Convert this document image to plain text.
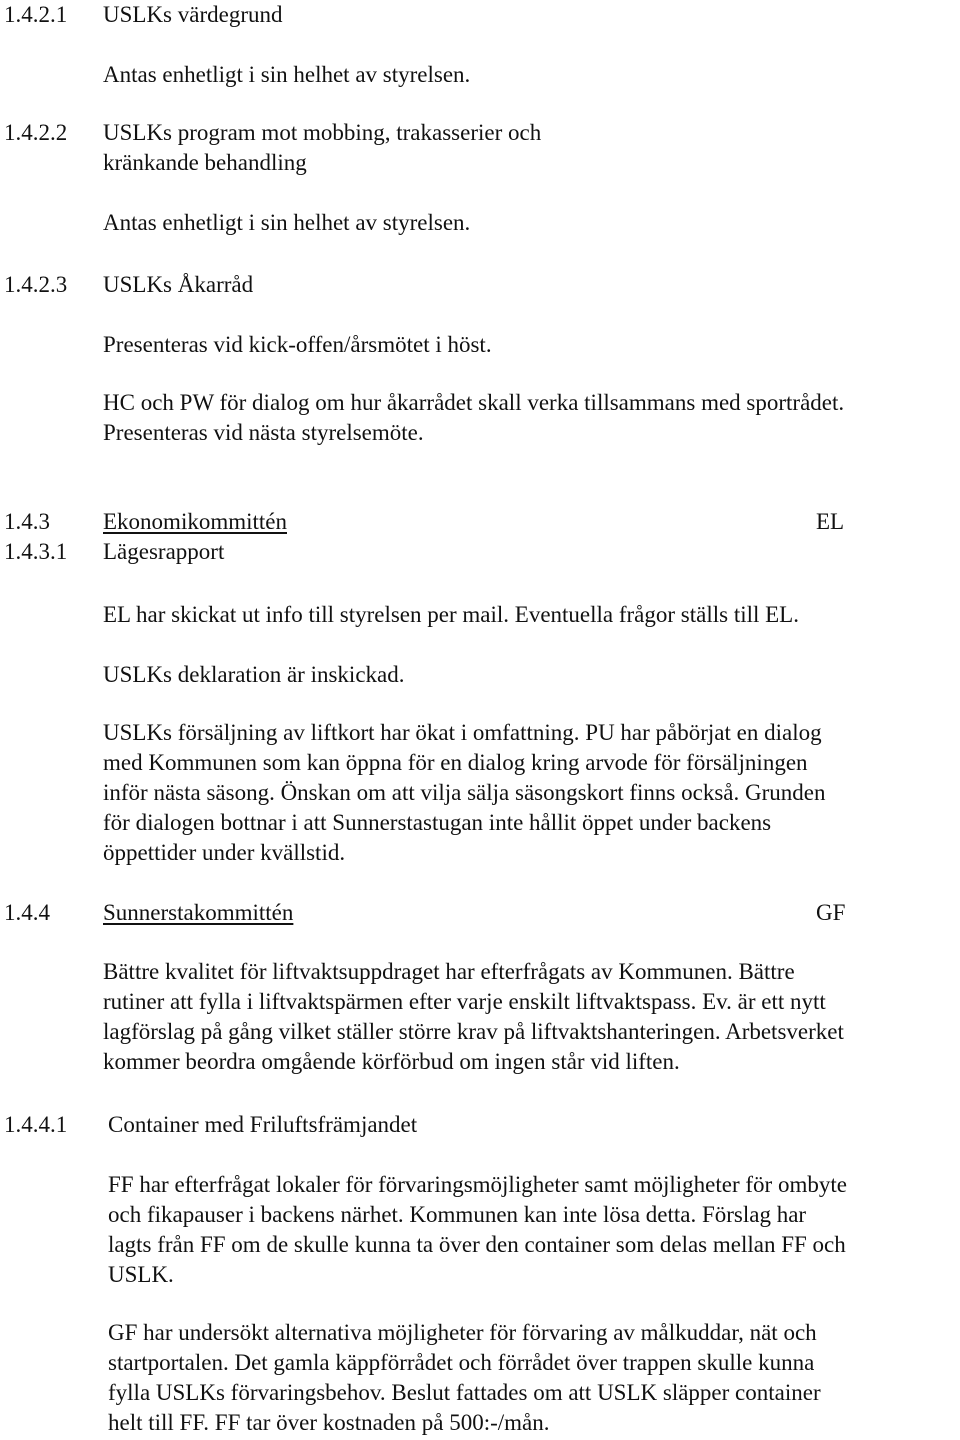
1.4.2.1 USLKs värdegrund
Antas enhetligt i sin helhet av styrelsen.
1.4.2.2 USLKs program mot mobbing, trakasserier och
kränkande behandling
Antas enhetligt i sin helhet av styrelsen.
1.4.2.3 USLKs Åkarråd
Presenteras vid kick-offen/årsmötet i höst.
HC och PW för dialog om hur åkarrådet skall verka tillsammans med sportrådet.
Presenteras vid nästa styrelsemöte.
1.4.3 Ekonomikommittén	EL
1.4.3.1 Lägesrapport
EL har skickat ut info till styrelsen per mail. Eventuella frågor ställs till EL.
USLKs deklaration är inskickad.
USLKs försäljning av liftkort har ökat i omfattning. PU har påbörjat en dialog
med Kommunen som kan öppna för en dialog kring arvode för försäljningen
inför nästa säsong. Önskan om att vilja sälja säsongskort finns också. Grunden
för dialogen bottnar i att Sunnerstastugan inte hållit öppet under backens
öppettider under kvällstid.
1.4.4 Sunnerstakommittén	GF
Bättre kvalitet för liftvaktsuppdraget har efterfrågats av Kommunen. Bättre
rutiner att fylla i liftvaktspärmen efter varje enskilt liftvaktspass. Ev. är ett nytt
lagförslag på gång vilket ställer större krav på liftvaktshanteringen. Arbetsverket
kommer beordra omgående körförbud om ingen står vid liften.
1.4.4.1 Container med Friluftsfrämjandet
FF har efterfrågat lokaler för förvaringsmöjligheter samt möjligheter för ombyte
och fikapauser i backens närhet. Kommunen kan inte lösa detta. Förslag har
lagts från FF om de skulle kunna ta över den container som delas mellan FF och
USLK.
GF har undersökt alternativa möjligheter för förvaring av målkuddar, nät och
startportalen. Det gamla käppförrådet och förrådet över trappen skulle kunna
fylla USLKs förvaringsbehov. Beslut fattades om att USLK släpper container
helt till FF. FF tar över kostnaden på 500:-/mån.
